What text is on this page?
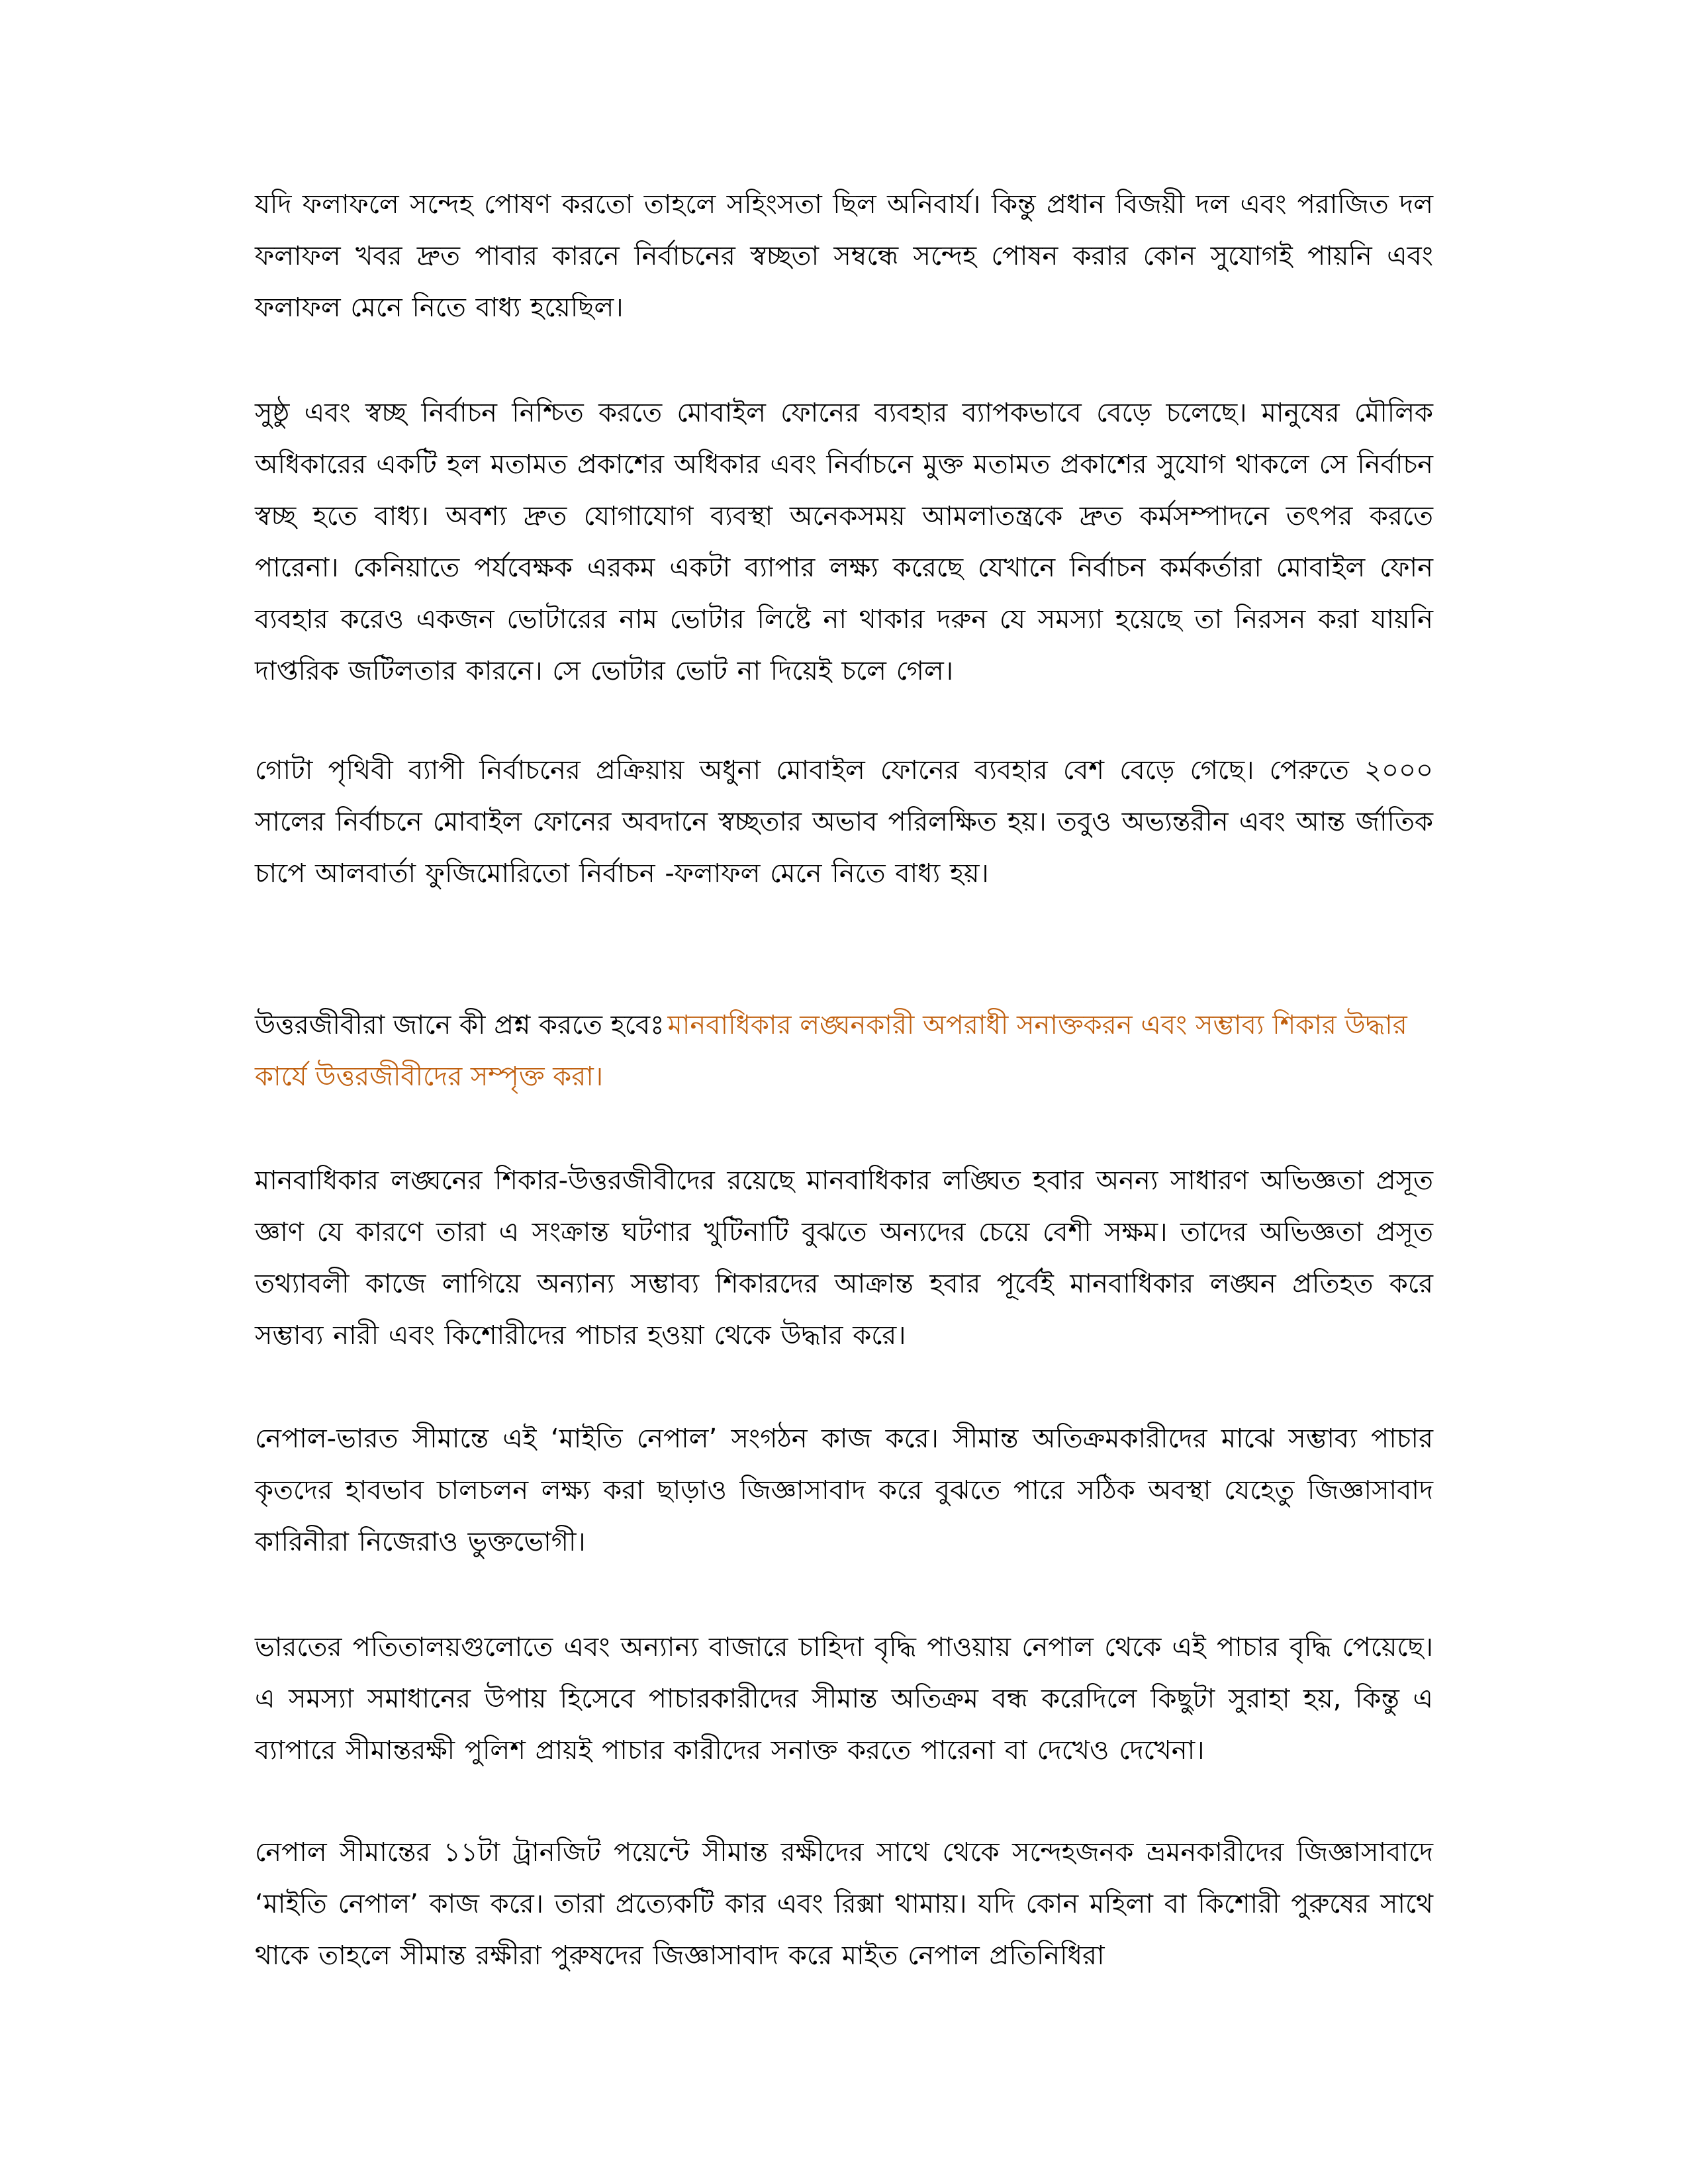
যদি ফলাফলে সন্দেহ পোষণ করতো তাহলে সহিংসতা ছিল অনিবার্য। কিন্তু প্রধান বিজয়ী দল এবং পরাজিত দল ফলাফল খবর দ্রুত পাবার কারনে নির্বাচনের স্বচ্ছতা সম্বন্ধে সন্দেহ পোষন করার কোন সুযোগই পায়নি এবং ফলাফল মেনে নিতে বাধ্য হয়েছিল।

সুষ্ঠু এবং স্বচ্ছ নির্বাচন নিশ্চিত করতে মোবাইল ফোনের ব্যবহার ব্যাপকভাবে বেড়ে চলেছে। মানুষের মৌলিক অধিকারের একটি হল মতামত প্রকাশের অধিকার এবং নির্বাচনে মুক্ত মতামত প্রকাশের সুযোগ থাকলে সে নির্বাচন স্বচ্ছ হতে বাধ্য। অবশ্য দ্রুত যোগাযোগ ব্যবস্থা অনেকসময় আমলাতন্ত্রকে দ্রুত কর্মসম্পাদনে তৎপর করতে পারেনা। কেনিয়াতে পর্যবেক্ষক এরকম একটা ব্যাপার লক্ষ্য করেছে যেখানে নির্বাচন কর্মকর্তারা মোবাইল ফোন ব্যবহার করেও একজন ভোটারের নাম ভোটার লিষ্টে না থাকার দরুন যে সমস্যা হয়েছে তা নিরসন করা যায়নি দাপ্তরিক জটিলতার কারনে। সে ভোটার ভোট না দিয়েই চলে গেল।

গোটা পৃথিবী ব্যাপী নির্বাচনের প্রক্রিয়ায় অধুনা মোবাইল ফোনের ব্যবহার বেশ বেড়ে গেছে। পেরুতে ২০০০ সালের নির্বাচনে মোবাইল ফোনের অবদানে স্বচ্ছতার অভাব পরিলক্ষিত হয়। তবুও অভ্যন্তরীন এবং আন্ত র্জাতিক চাপে আলবার্তা ফুজিমোরিতো নির্বাচন -ফলাফল মেনে নিতে বাধ্য হয়।

উত্তরজীবীরা জানে কী প্রশ্ন করতে হবেঃ মানবাধিকার লঙ্ঘনকারী অপরাধী সনাক্তকরন এবং সম্ভাব্য শিকার উদ্ধার কার্যে উত্তরজীবীদের সম্পৃক্ত করা।

মানবাধিকার লঙ্ঘনের শিকার-উত্তরজীবীদের রয়েছে মানবাধিকার লঙ্ঘিত হবার অনন্য সাধারণ অভিজ্ঞতা প্রসূত জ্ঞাণ যে কারণে তারা এ সংক্রান্ত ঘটণার খুটিনাটি বুঝতে অন্যদের চেয়ে বেশী সক্ষম। তাদের অভিজ্ঞতা প্রসূত তথ্যাবলী কাজে লাগিয়ে অন্যান্য সম্ভাব্য শিকারদের আক্রান্ত হবার পূর্বেই মানবাধিকার লঙ্ঘন প্রতিহত করে সম্ভাব্য নারী এবং কিশোরীদের পাচার হওয়া থেকে উদ্ধার করে।

নেপাল-ভারত সীমান্তে এই ‘মাইতি নেপাল’ সংগঠন কাজ করে। সীমান্ত অতিক্রমকারীদের মাঝে সম্ভাব্য পাচার কৃতদের হাবভাব চালচলন লক্ষ্য করা ছাড়াও জিজ্ঞাসাবাদ করে বুঝতে পারে সঠিক অবস্থা যেহেতু জিজ্ঞাসাবাদ কারিনীরা নিজেরাও ভুক্তভোগী।

ভারতের পতিতালয়গুলোতে এবং অন্যান্য বাজারে চাহিদা বৃদ্ধি পাওয়ায় নেপাল থেকে এই পাচার বৃদ্ধি পেয়েছে। এ সমস্যা সমাধানের উপায় হিসেবে পাচারকারীদের সীমান্ত অতিক্রম বন্ধ করেদিলে কিছুটা সুরাহা হয়, কিন্তু এ ব্যাপারে সীমান্তরক্ষী পুলিশ প্রায়ই পাচার কারীদের সনাক্ত করতে পারেনা বা দেখেও দেখেনা।

নেপাল সীমান্তের ১১টা ট্রানজিট পয়েন্টে সীমান্ত রক্ষীদের সাথে থেকে সন্দেহজনক ভ্রমনকারীদের জিজ্ঞাসাবাদে ‘মাইতি নেপাল’ কাজ করে। তারা প্রত্যেকটি কার এবং রিক্সা থামায়। যদি কোন মহিলা বা কিশোরী পুরুষের সাথে থাকে তাহলে সীমান্ত রক্ষীরা পুরুষদের জিজ্ঞাসাবাদ করে মাইত নেপাল প্রতিনিধিরা
